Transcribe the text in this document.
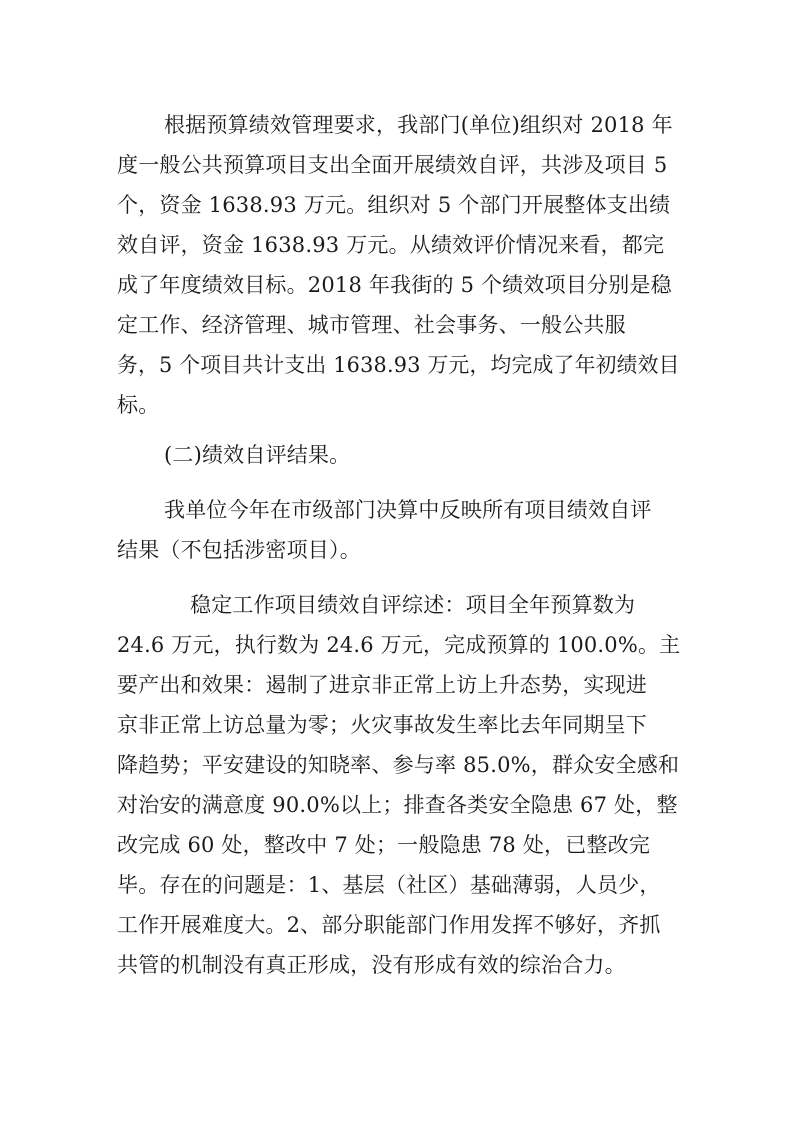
根据预算绩效管理要求，我部门(单位)组织对 2018 年
度一般公共预算项目支出全面开展绩效自评，共涉及项目 5
个，资金 1638.93 万元。组织对 5 个部门开展整体支出绩
效自评，资金 1638.93 万元。从绩效评价情况来看，都完
成了年度绩效目标。2018 年我街的 5 个绩效项目分别是稳
定工作、经济管理、城市管理、社会事务、一般公共服
务，5 个项目共计支出 1638.93 万元，均完成了年初绩效目
标。
(二)绩效自评结果。
我单位今年在市级部门决算中反映所有项目绩效自评
结果（不包括涉密项目）。
稳定工作项目绩效自评综述：项目全年预算数为
24.6 万元，执行数为 24.6 万元，完成预算的 100.0%。主
要产出和效果：遏制了进京非正常上访上升态势，实现进
京非正常上访总量为零；火灾事故发生率比去年同期呈下
降趋势；平安建设的知晓率、参与率 85.0%，群众安全感和
对治安的满意度 90.0%以上；排查各类安全隐患 67 处，整
改完成 60 处，整改中 7 处；一般隐患 78 处，已整改完
毕。存在的问题是：1、基层（社区）基础薄弱，人员少，
工作开展难度大。2、部分职能部门作用发挥不够好，齐抓
共管的机制没有真正形成，没有形成有效的综治合力。
